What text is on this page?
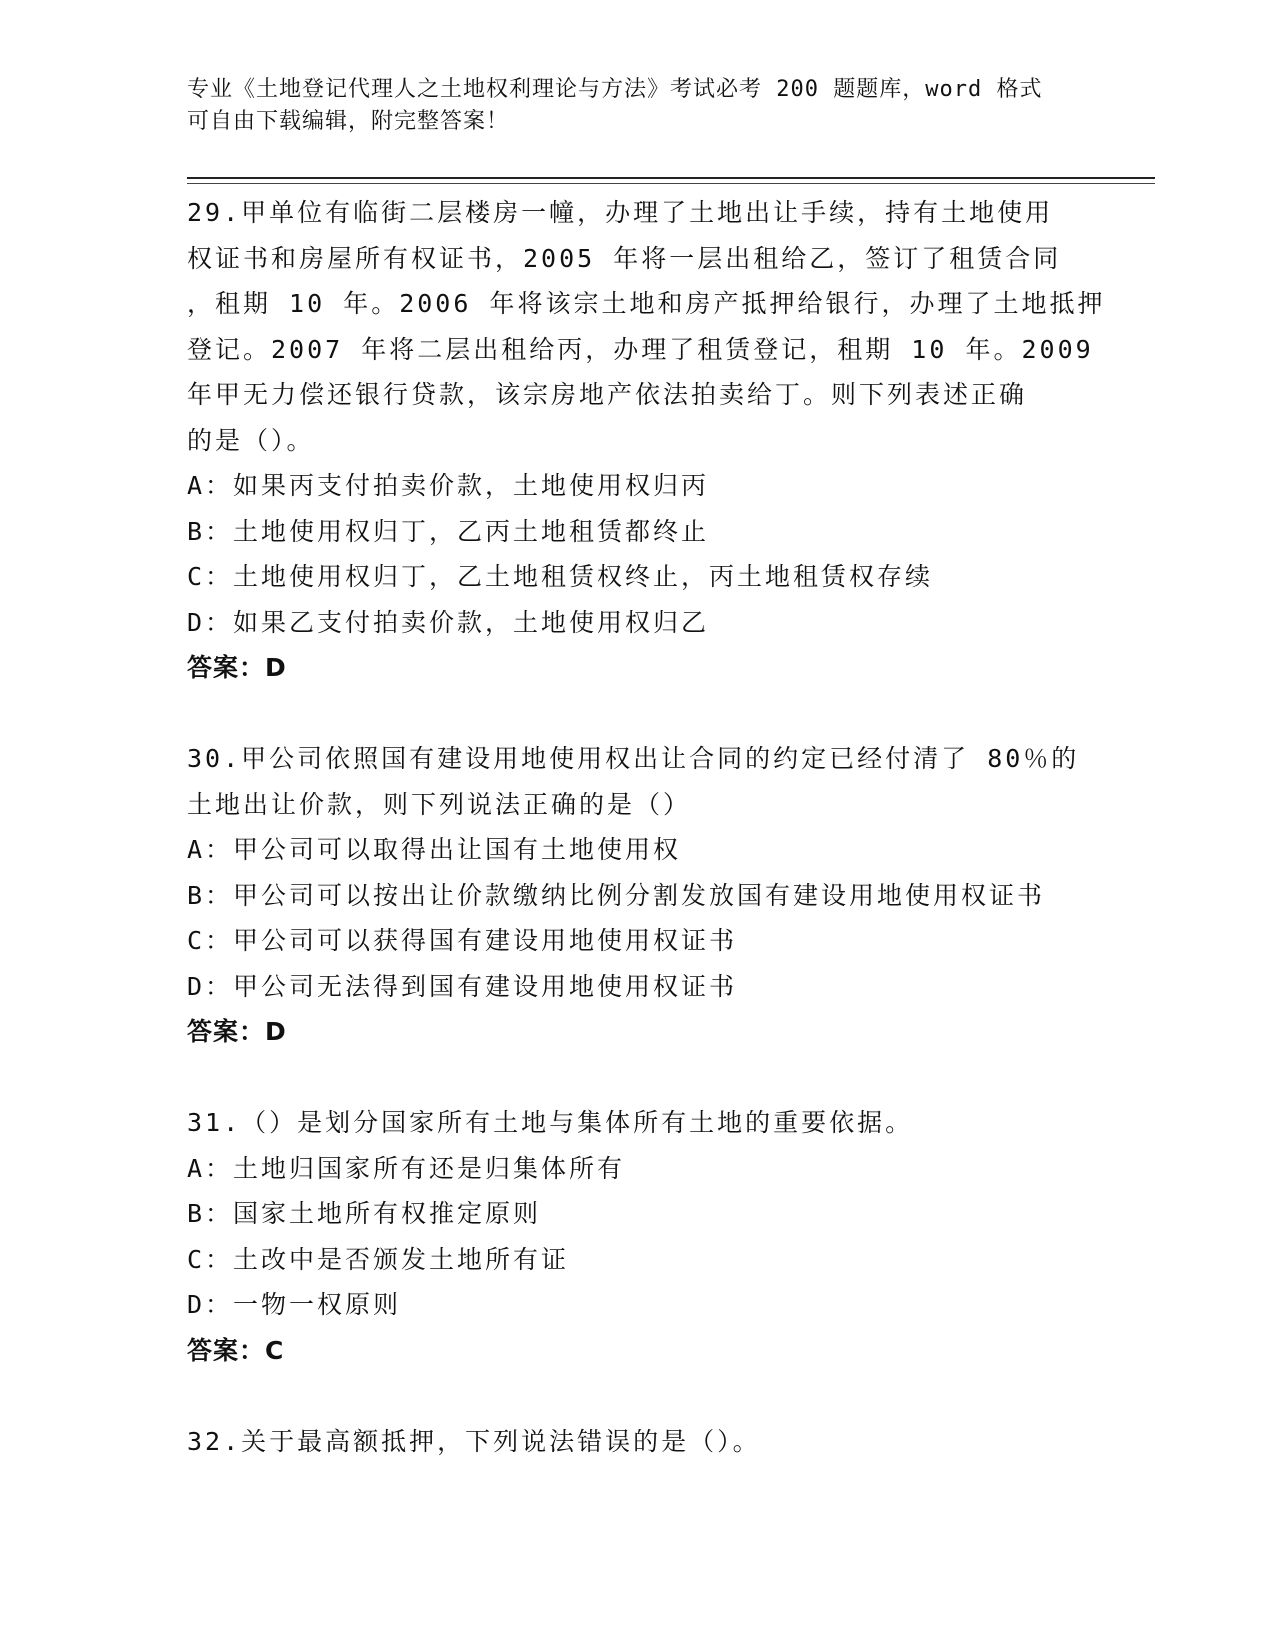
专业《土地登记代理人之土地权利理论与方法》考试必考 200 题题库，word 格式
可自由下载编辑，附完整答案！
29.甲单位有临街二层楼房一幢，办理了土地出让手续，持有土地使用
权证书和房屋所有权证书，2005 年将一层出租给乙，签订了租赁合同
，租期 10 年。2006 年将该宗土地和房产抵押给银行，办理了土地抵押
登记。2007 年将二层出租给丙，办理了租赁登记，租期 10 年。2009
年甲无力偿还银行贷款，该宗房地产依法拍卖给丁。则下列表述正确
的是（）。
A：如果丙支付拍卖价款，土地使用权归丙
B：土地使用权归丁，乙丙土地租赁都终止
C：土地使用权归丁，乙土地租赁权终止，丙土地租赁权存续
D：如果乙支付拍卖价款，土地使用权归乙
答案：D
30.甲公司依照国有建设用地使用权出让合同的约定已经付清了 80％的
土地出让价款，则下列说法正确的是（）
A：甲公司可以取得出让国有土地使用权
B：甲公司可以按出让价款缴纳比例分割发放国有建设用地使用权证书
C：甲公司可以获得国有建设用地使用权证书
D：甲公司无法得到国有建设用地使用权证书
答案：D
31.（）是划分国家所有土地与集体所有土地的重要依据。
A：土地归国家所有还是归集体所有
B：国家土地所有权推定原则
C：土改中是否颁发土地所有证
D：一物一权原则
答案：C
32.关于最高额抵押，下列说法错误的是（）。
